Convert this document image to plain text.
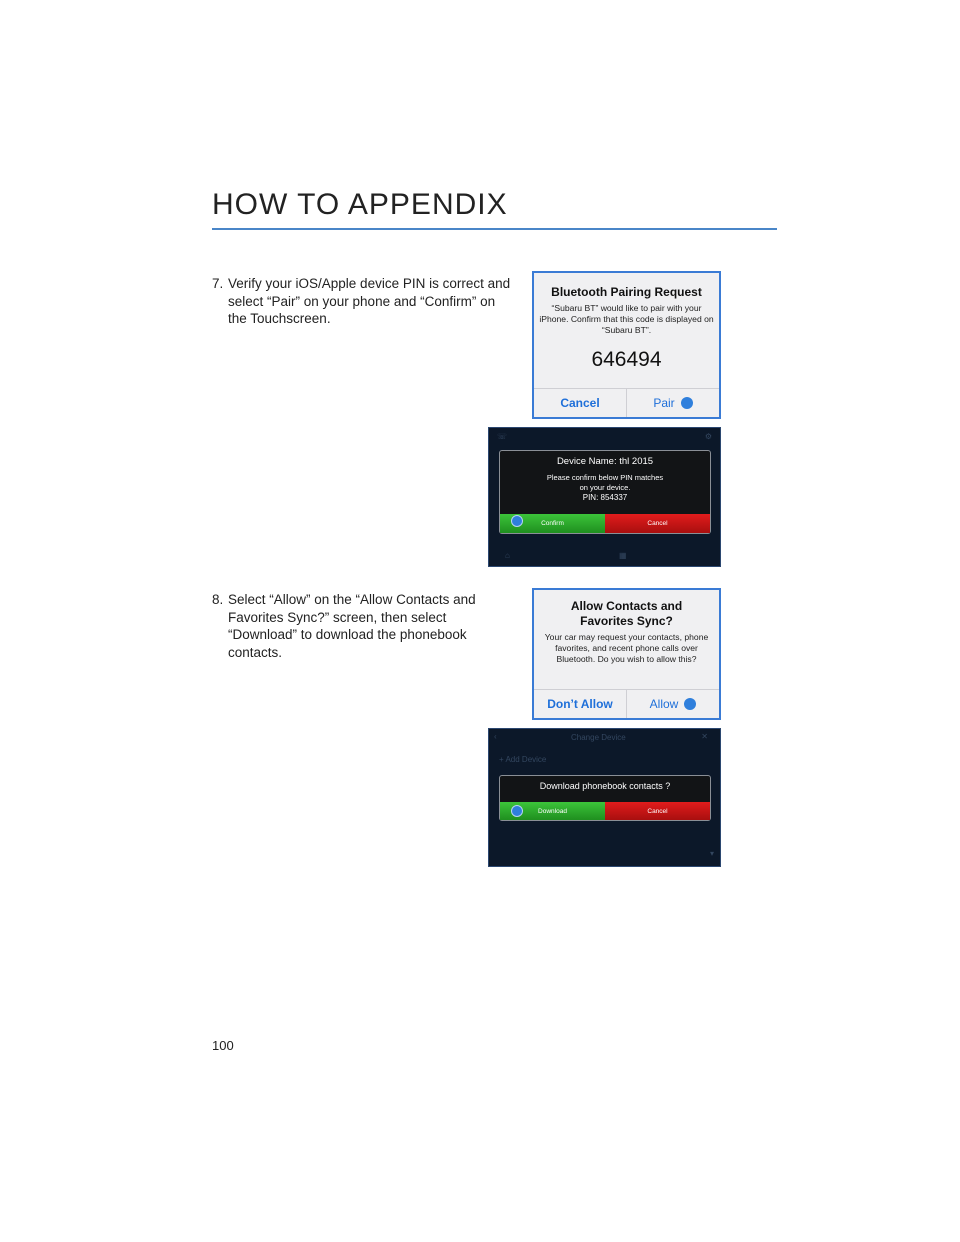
HOW TO APPENDIX
7. Verify your iOS/Apple device PIN is correct and select “Pair” on your phone and “Confirm” on the Touchscreen.
Bluetooth Pairing Request
“Subaru BT” would like to pair with your iPhone. Confirm that this code is displayed on “Subaru BT”.
646494
Cancel	Pair
☏	⚙
Device Name: thl 2015
Please confirm below PIN matches
on your device.
PIN: 854337
Confirm	Cancel
⌂	▦
8. Select “Allow” on the “Allow Contacts and Favorites Sync?” screen, then select “Download” to download the phonebook contacts.
Allow Contacts and
Favorites Sync?
Your car may request your contacts, phone favorites, and recent phone calls over Bluetooth. Do you wish to allow this?
Don’t Allow	Allow
‹	Change Device	✕
+ Add Device
Download phonebook contacts ?
Download	Cancel
▾
100
